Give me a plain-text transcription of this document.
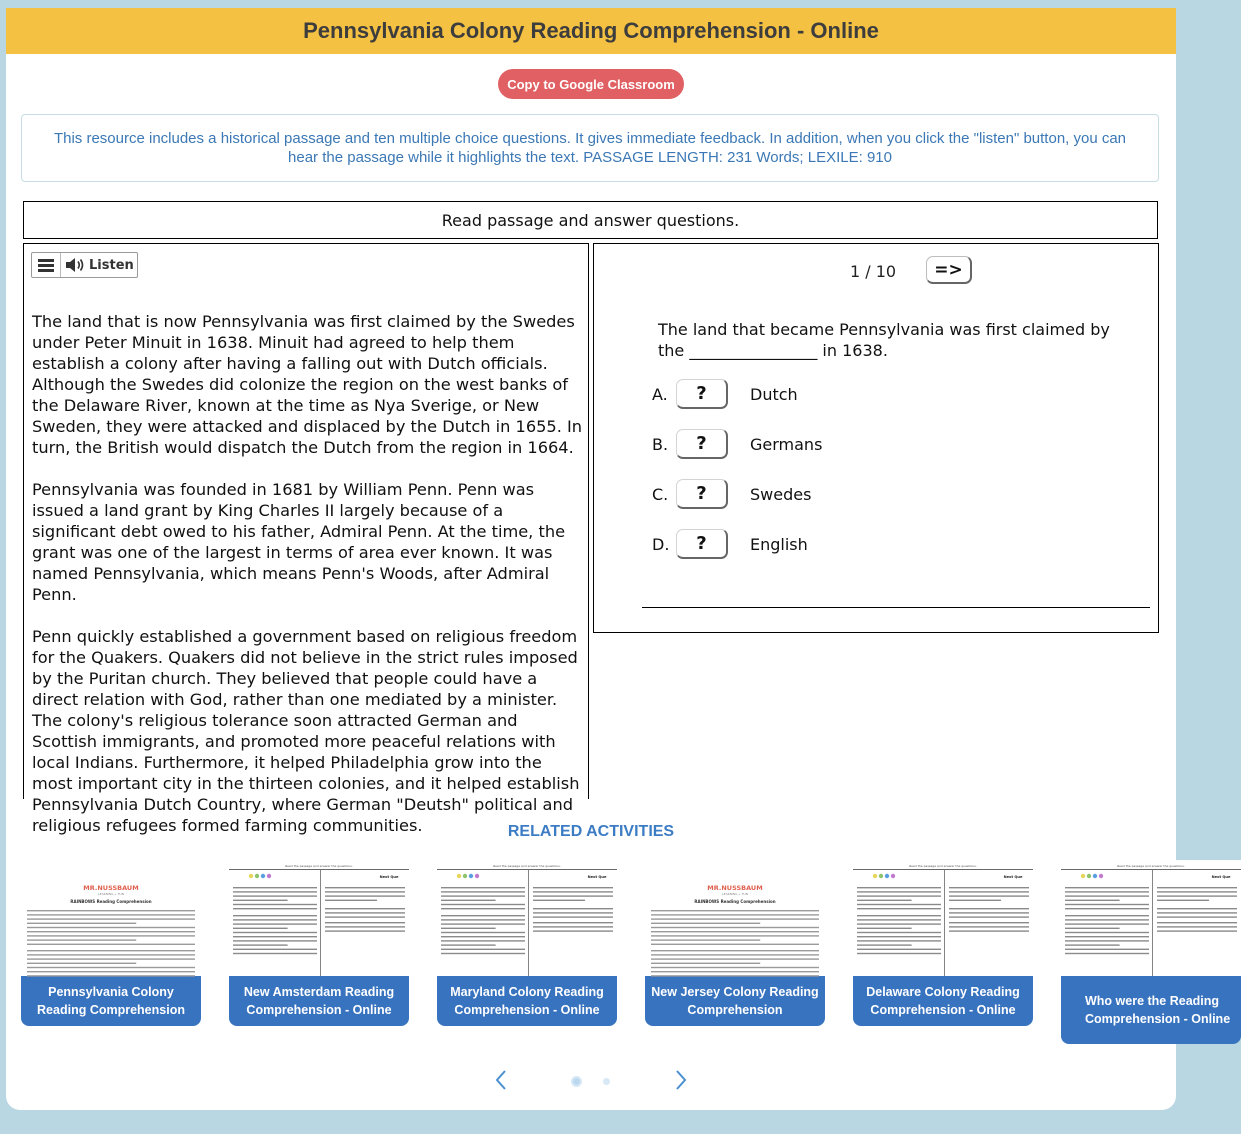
Pennsylvania Colony Reading Comprehension - Online
Copy to Google Classroom
This resource includes a historical passage and ten multiple choice questions. It gives immediate feedback. In addition, when you click the "listen" button, you can hear the passage while it highlights the text. PASSAGE LENGTH: 231 Words; LEXILE: 910
Read passage and answer questions.
Listen

The land that is now Pennsylvania was first claimed by the Swedes under Peter Minuit in 1638. Minuit had agreed to help them establish a colony after having a falling out with Dutch officials. Although the Swedes did colonize the region on the west banks of the Delaware River, known at the time as Nya Sverige, or New Sweden, they were attacked and displaced by the Dutch in 1655. In turn, the British would dispatch the Dutch from the region in 1664.

Pennsylvania was founded in 1681 by William Penn. Penn was issued a land grant by King Charles II largely because of a significant debt owed to his father, Admiral Penn. At the time, the grant was one of the largest in terms of area ever known. It was named Pennsylvania, which means Penn's Woods, after Admiral Penn.

Penn quickly established a government based on religious freedom for the Quakers. Quakers did not believe in the strict rules imposed by the Puritan church. They believed that people could have a direct relation with God, rather than one mediated by a minister. The colony's religious tolerance soon attracted German and Scottish immigrants, and promoted more peaceful relations with local Indians. Furthermore, it helped Philadelphia grow into the most important city in the thirteen colonies, and it helped establish Pennsylvania Dutch Country, where German "Deutsh" political and religious refugees formed farming communities.

1 / 10	=>
The land that became Pennsylvania was first claimed by the ________________ in 1638.
A.	?	Dutch
B.	?	Germans
C.	?	Swedes
D.	?	English
RELATED ACTIVITIES
MR.NUSSBAUM
LEARNING + FUN
RAINBOWS Reading Comprehension
Pennsylvania Colony Reading Comprehension
Read the passage and answer the questions.
Next Que
New Amsterdam Reading Comprehension - Online
Read the passage and answer the questions.
Next Que
Maryland Colony Reading Comprehension - Online
MR.NUSSBAUM
LEARNING + FUN
RAINBOWS Reading Comprehension
New Jersey Colony Reading Comprehension
Read the passage and answer the questions.
Next Que
Delaware Colony Reading Comprehension - Online
Read the passage and answer the questions.
Next Que
Who were the Reading Comprehension - Online
